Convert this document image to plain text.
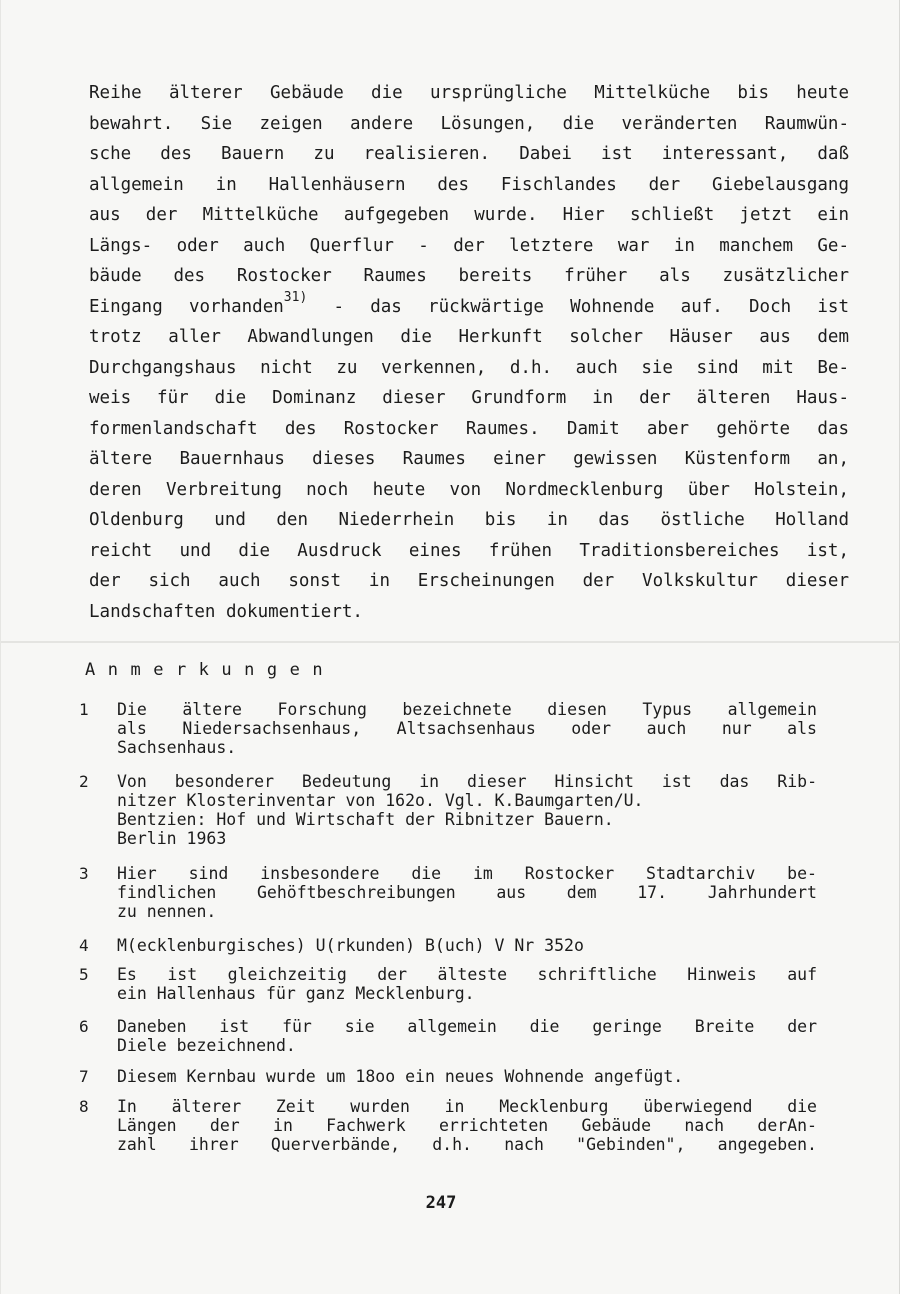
Reihe älterer Gebäude die ursprüngliche Mittelküche bis heute
bewahrt. Sie zeigen andere Lösungen, die veränderten Raumwün-
sche des Bauern zu realisieren. Dabei ist interessant, daß
allgemein in Hallenhäusern des Fischlandes der Giebelausgang
aus der Mittelküche aufgegeben wurde. Hier schließt jetzt ein
Längs- oder auch Querflur - der letztere war in manchem Ge-
bäude des Rostocker Raumes bereits früher als zusätzlicher
Eingang vorhanden$^{31)}$ - das rückwärtige Wohnende auf. Doch ist
trotz aller Abwandlungen die Herkunft solcher Häuser aus dem
Durchgangshaus nicht zu verkennen, d.h. auch sie sind mit Be-
weis für die Dominanz dieser Grundform in der älteren Haus-
formenlandschaft des Rostocker Raumes. Damit aber gehörte das
ältere Bauernhaus dieses Raumes einer gewissen Küstenform an,
deren Verbreitung noch heute von Nordmecklenburg über Holstein,
Oldenburg und den Niederrhein bis in das östliche Holland
reicht und die Ausdruck eines frühen Traditionsbereiches ist,
der sich auch sonst in Erscheinungen der Volkskultur dieser
Landschaften dokumentiert.
Anmerkungen
1	Die ältere Forschung bezeichnete diesen Typus allgemein
als Niedersachsenhaus, Altsachsenhaus oder auch nur als
Sachsenhaus.
2	Von besonderer Bedeutung in dieser Hinsicht ist das Rib-
nitzer Klosterinventar von 162o. Vgl. K.Baumgarten/U.
Bentzien: Hof und Wirtschaft der Ribnitzer Bauern.
Berlin 1963
3	Hier sind insbesondere die im Rostocker Stadtarchiv be-
findlichen Gehöftbeschreibungen aus dem 17. Jahrhundert
zu nennen.
4	M(ecklenburgisches) U(rkunden) B(uch) V Nr 352o
5	Es ist gleichzeitig der älteste schriftliche Hinweis auf
ein Hallenhaus für ganz Mecklenburg.
6	Daneben ist für sie allgemein die geringe Breite der
Diele bezeichnend.
7	Diesem Kernbau wurde um 18oo ein neues Wohnende angefügt.
8	In älterer Zeit wurden in Mecklenburg überwiegend die
Längen der in Fachwerk errichteten Gebäude nach derAn-
zahl ihrer Querverbände, d.h. nach "Gebinden", angegeben.
247
